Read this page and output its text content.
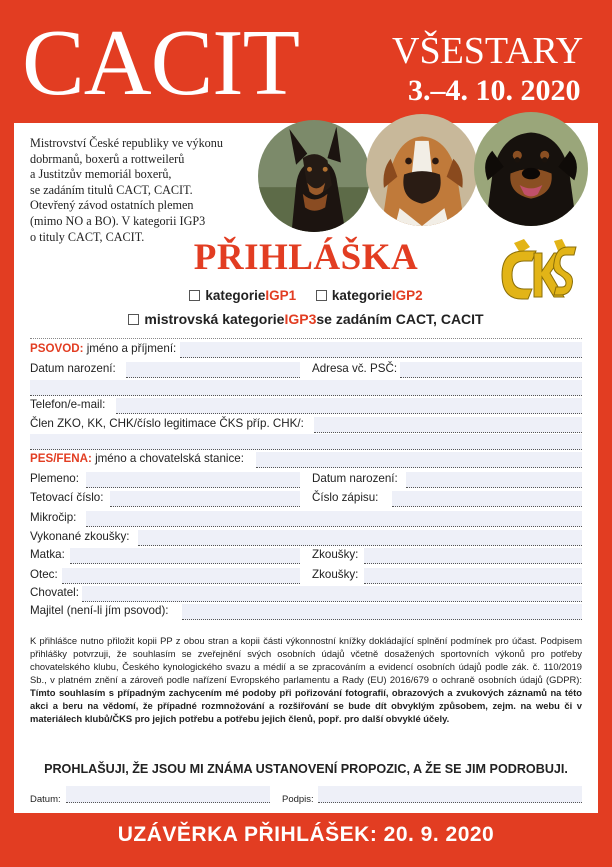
CACIT VŠESTARY
3.–4. 10. 2020
Mistrovství České republiky ve výkonu
dobrmanů, boxerů a rottweilerů
a Justitzův memoriál boxerů,
se zadáním titulů CACT, CACIT.
Otevřený závod ostatních plemen
(mimo NO a BO). V kategorii IGP3
o tituly CACT, CACIT.
PŘIHLÁŠKA
kategorie IGP1
	kategorie IGP2
mistrovská kategorie IGP3 se zadáním CACT, CACIT
PSOVOD: jméno a příjmení:
Datum narození:	Adresa vč. PSČ:
Telefon/e-mail:
Člen ZKO, KK, CHK/číslo legitimace ČKS příp. CHK/:
PES/FENA: jméno a chovatelská stanice:
Plemeno:	Datum narození:
Tetovací číslo:	Číslo zápisu:
Mikročip:
Vykonané zkoušky:
Matka:	Zkoušky:
Otec:	Zkoušky:
Chovatel:
Majitel (není-li jím psovod):
K přihlášce nutno přiložit kopii PP z obou stran a kopii části výkonnostní knížky dokládající splnění podmínek pro účast. Podpisem přihlášky potvrzuji, že souhlasím se zveřejnění svých osobních údajů včetně dosažených sportovních výkonů pro potřeby chovatelského klubu, Českého kynologického svazu a médií a se zpracováním a evidencí osobních údajů podle zák. č. 110/2019 Sb., v platném znění a zároveň podle nařízení Evropského parlamentu a Rady (EU) 2016/679 o ochraně osobních údajů (GDPR): Tímto souhlasím s případným zachycením mé podoby při pořizování fotografií, obrazových a zvukových záznamů na této akci a beru na vědomí, že případné rozmnožování a rozšiřování se bude dít obvyklým způsobem, zejm. na webu či v materiálech klubů/ČKS pro jejich potřebu a potřebu jejich členů, popř. pro další obvyklé účely.
PROHLAŠUJI, ŽE JSOU MI ZNÁMA USTANOVENÍ PROPOZIC, A ŽE SE JIM PODROBUJI.
Datum:	Podpis:
UZÁVĚRKA PŘIHLÁŠEK: 20. 9. 2020
